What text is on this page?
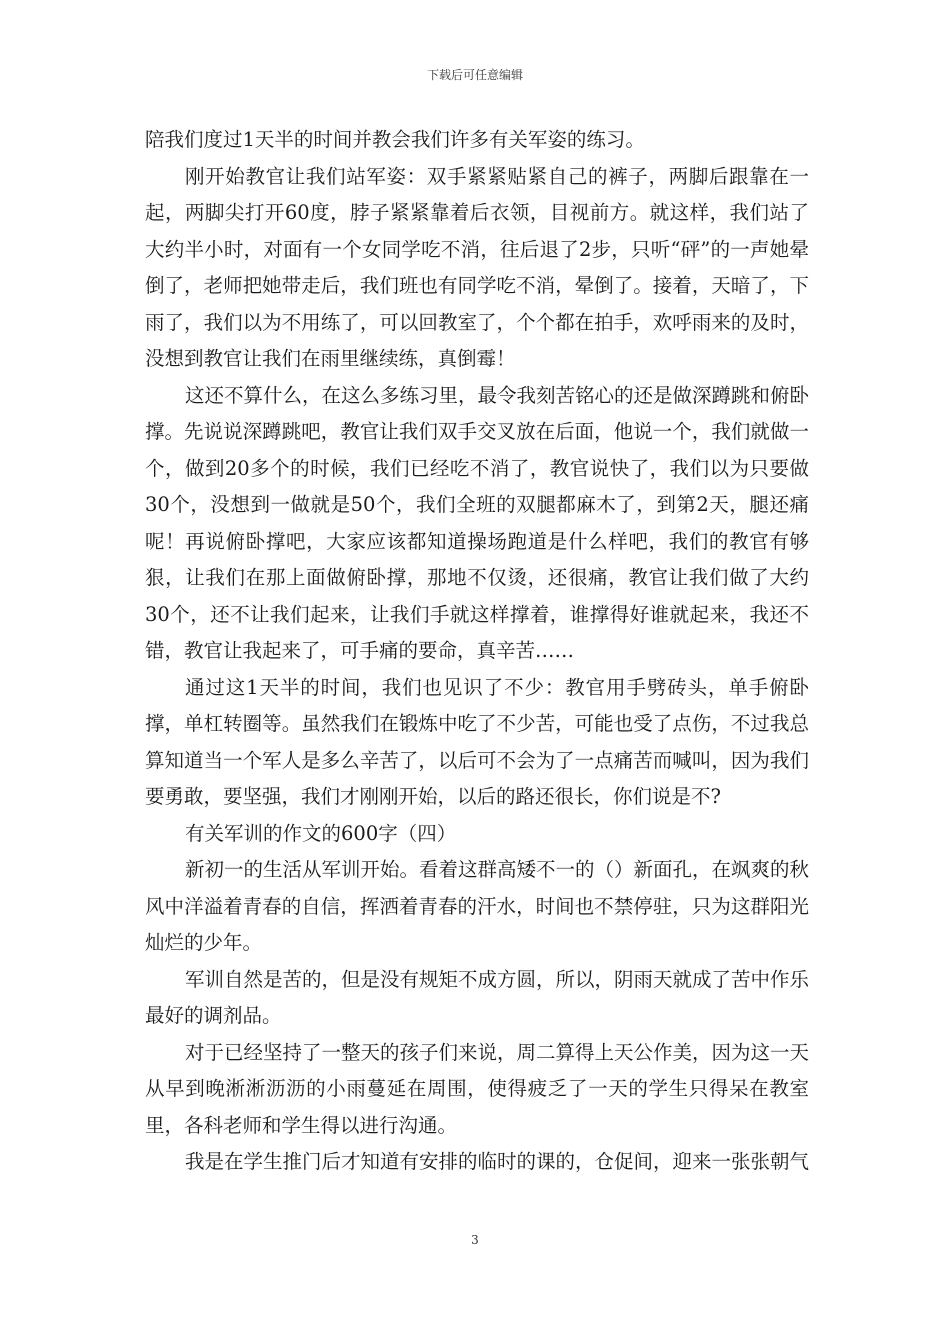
下载后可任意编辑

陪我们度过1天半的时间并教会我们许多有关军姿的练习。

刚开始教官让我们站军姿：双手紧紧贴紧自己的裤子，两脚后跟靠在一起，两脚尖打开60度，脖子紧紧靠着后衣领，目视前方。就这样，我们站了大约半小时，对面有一个女同学吃不消，往后退了2步，只听“砰”的一声她晕倒了，老师把她带走后，我们班也有同学吃不消，晕倒了。接着，天暗了，下雨了，我们以为不用练了，可以回教室了，个个都在拍手，欢呼雨来的及时，没想到教官让我们在雨里继续练，真倒霉！

这还不算什么，在这么多练习里，最令我刻苦铭心的还是做深蹲跳和俯卧撑。先说说深蹲跳吧，教官让我们双手交叉放在后面，他说一个，我们就做一个，做到20多个的时候，我们已经吃不消了，教官说快了，我们以为只要做30个，没想到一做就是50个，我们全班的双腿都麻木了，到第2天，腿还痛呢！再说俯卧撑吧，大家应该都知道操场跑道是什么样吧，我们的教官有够狠，让我们在那上面做俯卧撑，那地不仅烫，还很痛，教官让我们做了大约30个，还不让我们起来，让我们手就这样撑着，谁撑得好谁就起来，我还不错，教官让我起来了，可手痛的要命，真辛苦……

通过这1天半的时间，我们也见识了不少：教官用手劈砖头，单手俯卧撑，单杠转圈等。虽然我们在锻炼中吃了不少苦，可能也受了点伤，不过我总算知道当一个军人是多么辛苦了，以后可不会为了一点痛苦而喊叫，因为我们要勇敢，要坚强，我们才刚刚开始，以后的路还很长，你们说是不?

有关军训的作文的600字（四）

新初一的生活从军训开始。看着这群高矮不一的（）新面孔，在飒爽的秋风中洋溢着青春的自信，挥洒着青春的汗水，时间也不禁停驻，只为这群阳光灿烂的少年。

军训自然是苦的，但是没有规矩不成方圆，所以，阴雨天就成了苦中作乐最好的调剂品。

对于已经坚持了一整天的孩子们来说，周二算得上天公作美，因为这一天从早到晚淅淅沥沥的小雨蔓延在周围，使得疲乏了一天的学生只得呆在教室里，各科老师和学生得以进行沟通。

我是在学生推门后才知道有安排的临时的课的，仓促间，迎来一张张朝气

3
